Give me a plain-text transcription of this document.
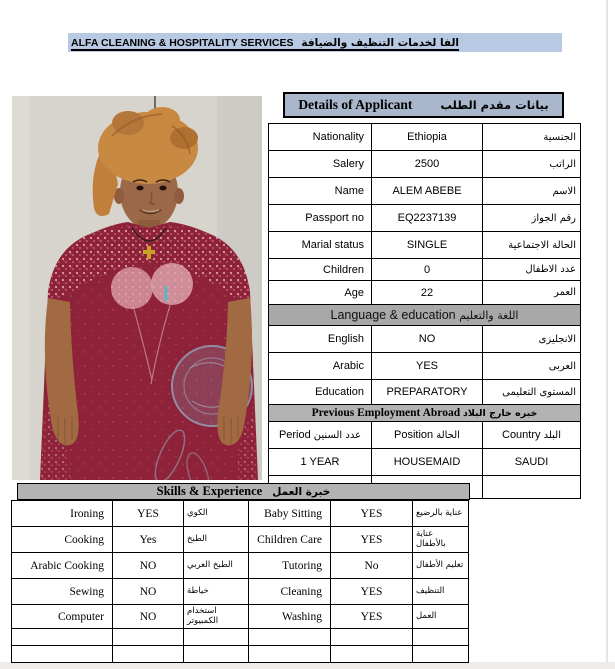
ALFA CLEANING & HOSPITALITY SERVICES الفا لخدمات التنظيف والضيافة
Details of Applicant بيانات مقدم الطلب
Nationality	Ethiopia	الجنسية
Salery	2500	الراتب
Name	ALEM ABEBE	الاسم
Passport no	EQ2237139	رقم الجواز
Marial status	SINGLE	الحالة الاجتماعية
Children	0	عدد الاطفال
Age	22	العمر
Language & education اللغة والتعليم		
English	NO	الانجليزى
Arabic	YES	العربى
Education	PREPARATORY	المستوى التعليمى
Previous Employment Abroad خبره خارج البلاد		
Period عدد السنين	Position الحالة	Country البلد
1 YEAR	HOUSEMAID	SAUDI

Skills & Experience خبرة العمل
Ironing	YES	الكوي	Baby Sitting	YES	عناية بالرضيع
Cooking	Yes	الطبخ	Children Care	YES	عناية بالأطفال
Arabic Cooking	NO	الطبخ العربي	Tutoring	No	تعليم الأطفال
Sewing	NO	خياطة	Cleaning	YES	التنظيف
Computer	NO	استخدام الكمبيوتر	Washing	YES	العمل
